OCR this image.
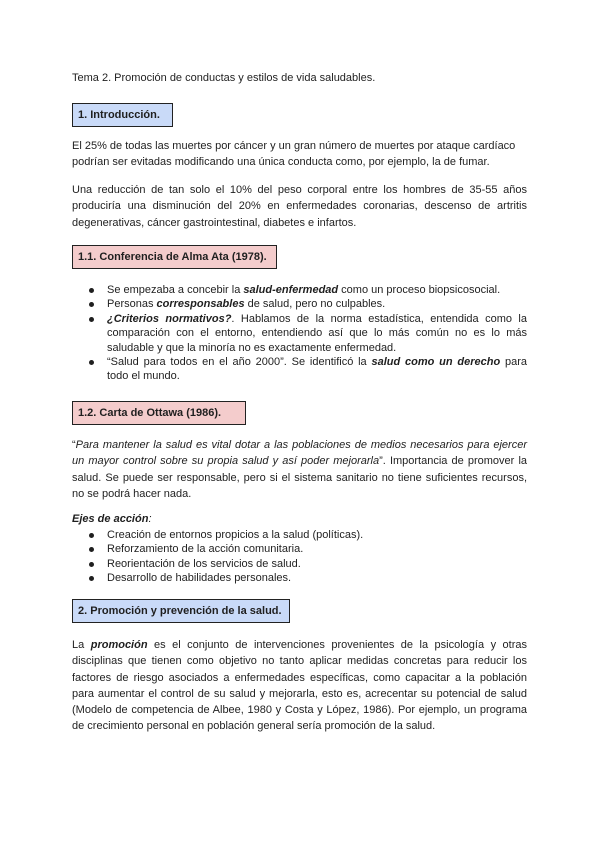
Tema 2. Promoción de conductas y estilos de vida saludables.
1. Introducción.

El 25% de todas las muertes por cáncer y un gran número de muertes por ataque cardíaco podrían ser evitadas modificando una única conducta como, por ejemplo, la de fumar.

Una reducción de tan solo el 10% del peso corporal entre los hombres de 35-55 años produciría una disminución del 20% en enfermedades coronarias, descenso de artritis degenerativas, cáncer gastrointestinal, diabetes e infartos.

1.1. Conferencia de Alma Ata (1978).
Se empezaba a concebir la salud-enfermedad como un proceso biopsicosocial.
Personas corresponsables de salud, pero no culpables.
¿Criterios normativos?. Hablamos de la norma estadística, entendida como la comparación con el entorno, entendiendo así que lo más común no es lo más saludable y que la minoría no es exactamente enfermedad.
“Salud para todos en el año 2000”. Se identificó la salud como un derecho para todo el mundo.
1.2. Carta de Ottawa (1986).

“Para mantener la salud es vital dotar a las poblaciones de medios necesarios para ejercer un mayor control sobre su propia salud y así poder mejorarla”. Importancia de promover la salud. Se puede ser responsable, pero si el sistema sanitario no tiene suficientes recursos, no se podrá hacer nada.

Ejes de acción:
Creación de entornos propicios a la salud (políticas).
Reforzamiento de la acción comunitaria.
Reorientación de los servicios de salud.
Desarrollo de habilidades personales.
2. Promoción y prevención de la salud.

La promoción es el conjunto de intervenciones provenientes de la psicología y otras disciplinas que tienen como objetivo no tanto aplicar medidas concretas para reducir los factores de riesgo asociados a enfermedades específicas, como capacitar a la población para aumentar el control de su salud y mejorarla, esto es, acrecentar su potencial de salud (Modelo de competencia de Albee, 1980 y Costa y López, 1986). Por ejemplo, un programa de crecimiento personal en población general sería promoción de la salud.
